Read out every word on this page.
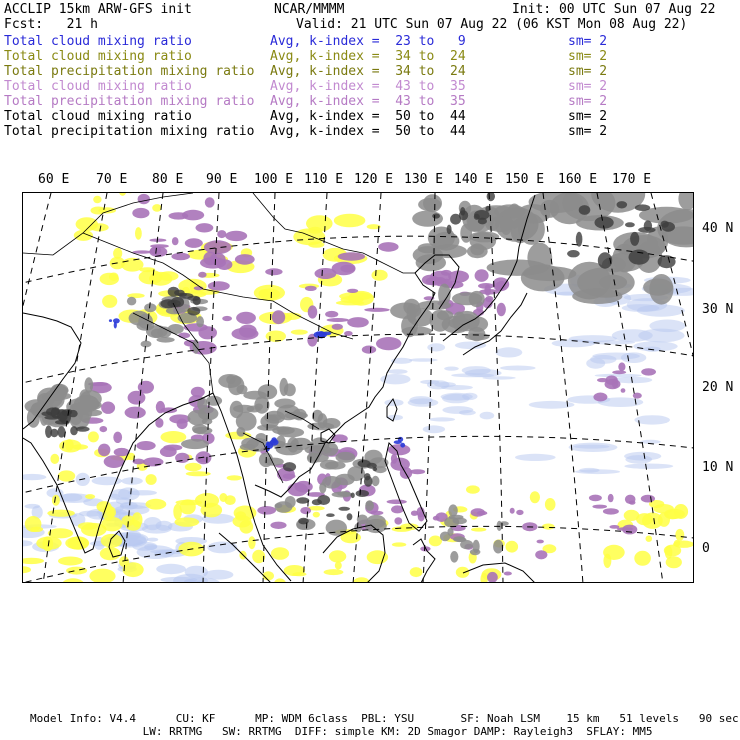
ACCLIP 15km ARW-GFS init	NCAR/MMMM	Init: 00 UTC Sun 07 Aug 22
Fcst:   21 h	Valid: 21 UTC Sun 07 Aug 22 (06 KST Mon 08 Aug 22)
Total cloud mixing ratio	Avg, k-index =  23 to   9	sm= 2
Total cloud mixing ratio	Avg, k-index =  34 to  24	sm= 2
Total precipitation mixing ratio Avg, k-index =  34 to  24	sm= 2
Total cloud mixing ratio	Avg, k-index =  43 to  35	sm= 2
Total precipitation mixing ratio Avg, k-index =  43 to  35	sm= 2
Total cloud mixing ratio	Avg, k-index =  50 to  44	sm= 2
Total precipitation mixing ratio Avg, k-index =  50 to  44	sm= 2
60 E 70 E 80 E 90 E 100 E 110 E 120 E 130 E 140 E 150 E 160 E 170 E
40 N
30 N
20 N
10 N
0
Model Info: V4.4      CU: KF      MP: WDM 6class  PBL: YSU       SF: Noah LSM    15 km   51 levels   90 sec
LW: RRTMG   SW: RRTMG  DIFF: simple KM: 2D Smagor DAMP: Rayleigh3  SFLAY: MM5
